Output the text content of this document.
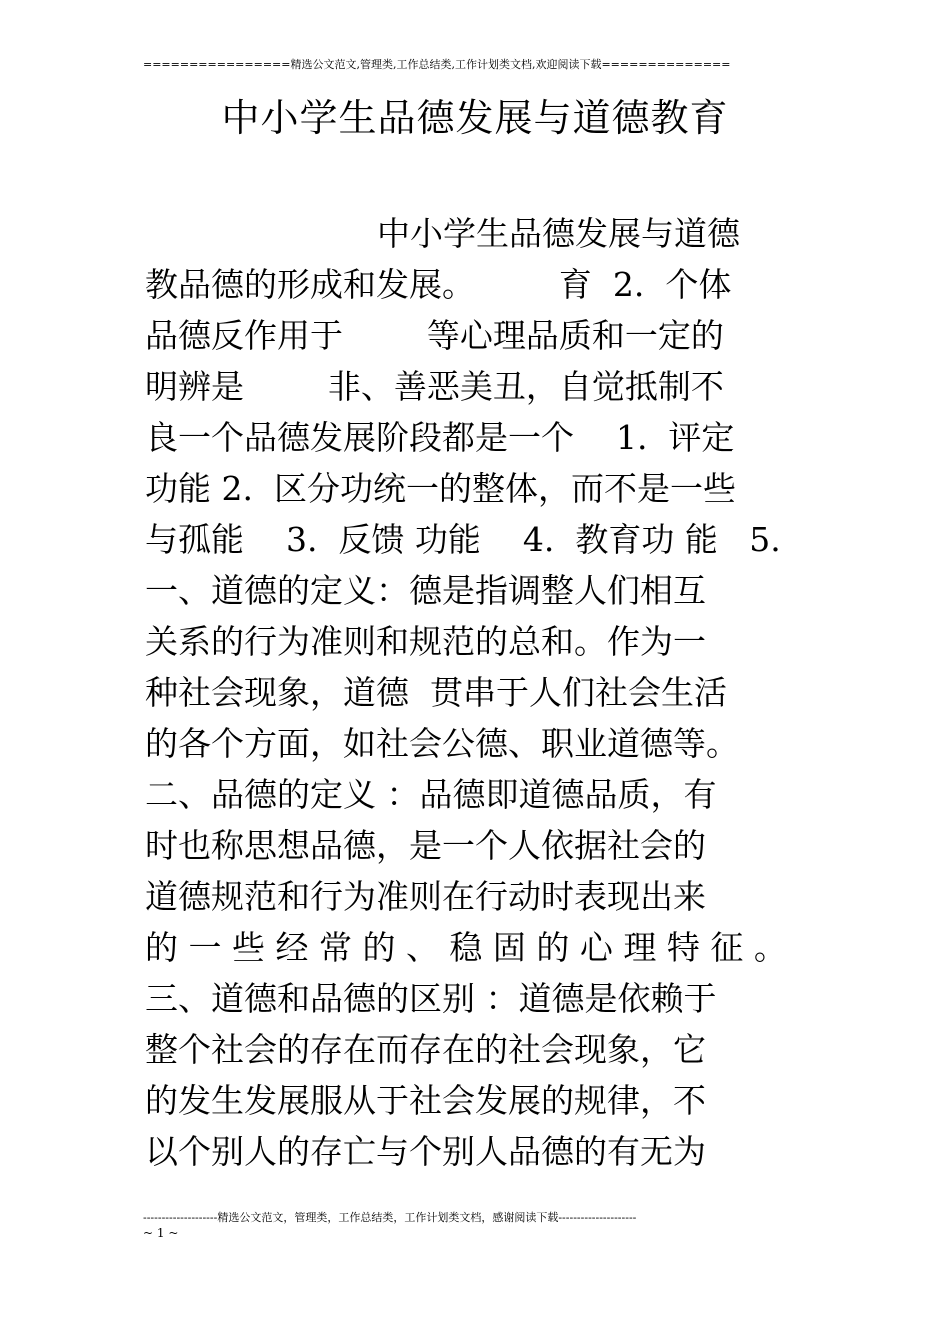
================精选公文范文,管理类,工作总结类,工作计划类文档,欢迎阅读下载==============
中小学生品德发展与道德教育
中小学生品德发展与道德
教品德的形成和发展。        育  2.  个体
品德反作用于        等心理品质和一定的
明辨是        非、善恶美丑，自觉抵制不
良一个品德发展阶段都是一个    1.  评定
功能 2.  区分功统一的整体，而不是一些
与孤能    3.  反馈 功能    4.  教育功 能   5.
一、道德的定义：德是指调整人们相互
关系的行为准则和规范的总和。作为一
种社会现象，道德  贯串于人们社会生活
的各个方面，如社会公德、职业道德等。
二、品德的定义 ：品德即道德品质，有
时也称思想品德，是一个人依据社会的
道德规范和行为准则在行动时表现出来
的 一 些 经 常 的 、 稳 固 的 心 理 特 征 。
三、道德和品德的区别 ：道德是依赖于
整个社会的存在而存在的社会现象，它
的发生发展服从于社会发展的规律，不
以个别人的存亡与个别人品德的有无为
--------------------精选公文范文，管理类，工作总结类，工作计划类文档，感谢阅读下载---------------------
~ 1 ~
